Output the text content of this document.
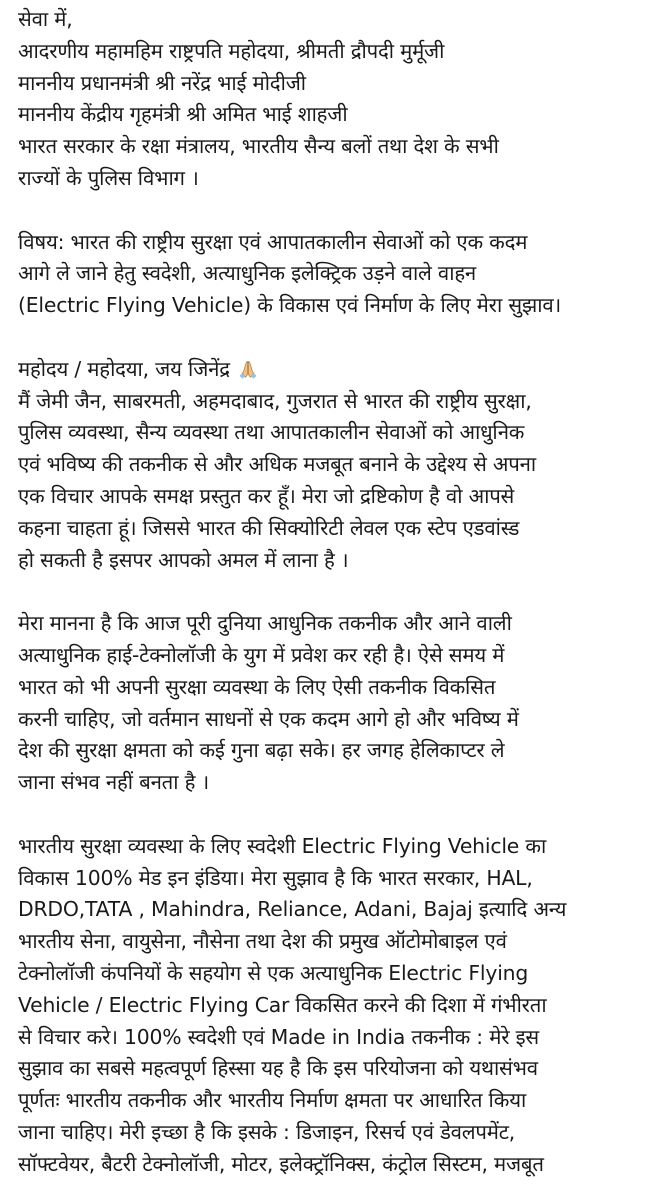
सेवा में,
आदरणीय महामहिम राष्ट्रपति महोदया, श्रीमती द्रौपदी मुर्मूजी
माननीय प्रधानमंत्री श्री नरेंद्र भाई मोदीजी
माननीय केंद्रीय गृहमंत्री श्री अमित भाई शाहजी
भारत सरकार के रक्षा मंत्रालय, भारतीय सैन्य बलों तथा देश के सभी
राज्यों के पुलिस विभाग ।
विषय: भारत की राष्ट्रीय सुरक्षा एवं आपातकालीन सेवाओं को एक कदम
आगे ले जाने हेतु स्वदेशी, अत्याधुनिक इलेक्ट्रिक उड़ने वाले वाहन
(Electric Flying Vehicle) के विकास एवं निर्माण के लिए मेरा सुझाव।
महोदय / महोदया, जय जिनेंद्र
मैं जेमी जैन, साबरमती, अहमदाबाद, गुजरात से भारत की राष्ट्रीय सुरक्षा,
पुलिस व्यवस्था, सैन्य व्यवस्था तथा आपातकालीन सेवाओं को आधुनिक
एवं भविष्य की तकनीक से और अधिक मजबूत बनाने के उद्देश्य से अपना
एक विचार आपके समक्ष प्रस्तुत कर हूँ। मेरा जो द्रष्टिकोण है वो आपसे
कहना चाहता हूं। जिससे भारत की सिक्योरिटी लेवल एक स्टेप एडवांस्ड
हो सकती है इसपर आपको अमल में लाना है ।
मेरा मानना है कि आज पूरी दुनिया आधुनिक तकनीक और आने वाली
अत्याधुनिक हाई-टेक्नोलॉजी के युग में प्रवेश कर रही है। ऐसे समय में
भारत को भी अपनी सुरक्षा व्यवस्था के लिए ऐसी तकनीक विकसित
करनी चाहिए, जो वर्तमान साधनों से एक कदम आगे हो और भविष्य में
देश की सुरक्षा क्षमता को कई गुना बढ़ा सके। हर जगह हेलिकाप्टर ले
जाना संभव नहीं बनता है ।
भारतीय सुरक्षा व्यवस्था के लिए स्वदेशी Electric Flying Vehicle का
विकास 100% मेड इन इंडिया। मेरा सुझाव है कि भारत सरकार, HAL,
DRDO,TATA , Mahindra, Reliance, Adani, Bajaj इत्यादि अन्य
भारतीय सेना, वायुसेना, नौसेना तथा देश की प्रमुख ऑटोमोबाइल एवं
टेक्नोलॉजी कंपनियों के सहयोग से एक अत्याधुनिक Electric Flying
Vehicle / Electric Flying Car विकसित करने की दिशा में गंभीरता
से विचार करे। 100% स्वदेशी एवं Made in India तकनीक : मेरे इस
सुझाव का सबसे महत्वपूर्ण हिस्सा यह है कि इस परियोजना को यथासंभव
पूर्णतः भारतीय तकनीक और भारतीय निर्माण क्षमता पर आधारित किया
जाना चाहिए। मेरी इच्छा है कि इसके : डिजाइन, रिसर्च एवं डेवलपमेंट,
सॉफ्टवेयर, बैटरी टेक्नोलॉजी, मोटर, इलेक्ट्रॉनिक्स, कंट्रोल सिस्टम, मजबूत
